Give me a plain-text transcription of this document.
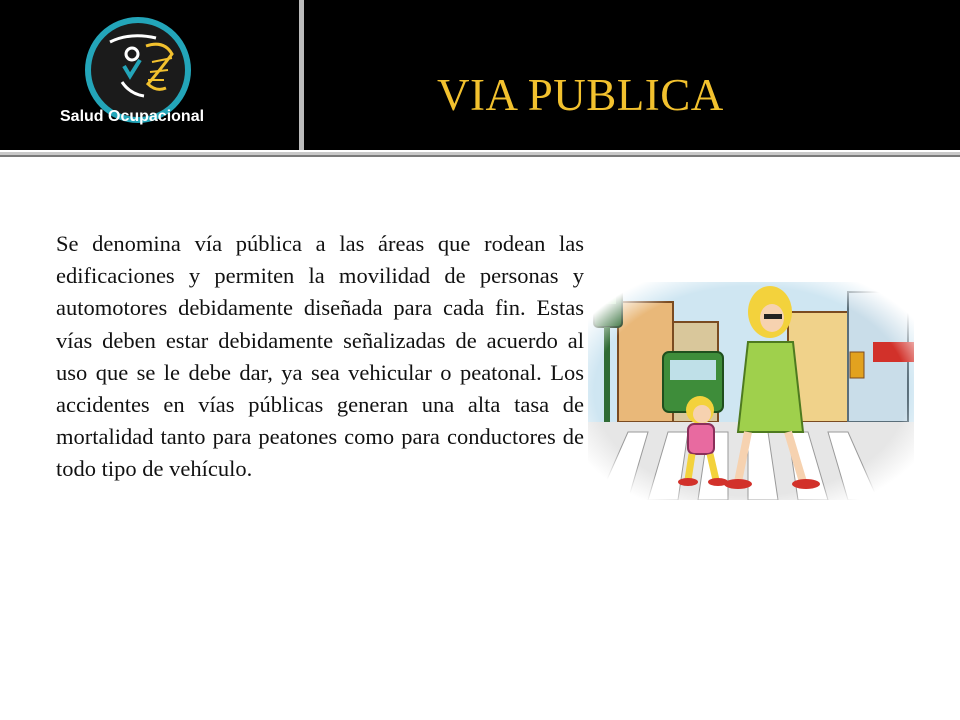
Salud Ocupacional	VIA PUBLICA

Se denomina vía pública a las áreas que rodean las edificaciones y permiten la movilidad de personas y automotores debidamente diseñada para cada fin. Estas vías deben estar debidamente señalizadas de acuerdo al uso que se le debe dar, ya sea vehicular o peatonal. Los accidentes en vías públicas generan una alta tasa de mortalidad tanto para peatones como para conductores de todo tipo de vehículo.
